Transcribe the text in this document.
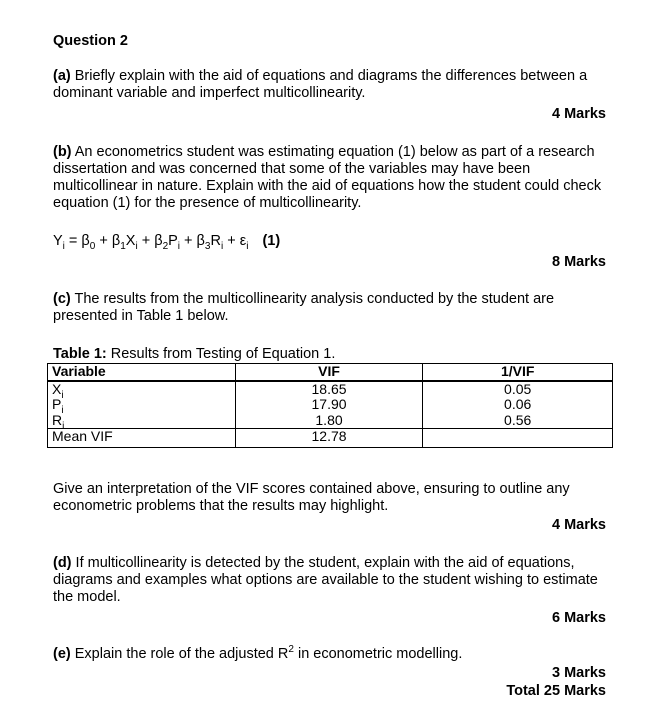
Question 2
(a) Briefly explain with the aid of equations and diagrams the differences between a dominant variable and imperfect multicollinearity.
4 Marks
(b) An econometrics student was estimating equation (1) below as part of a research dissertation and was concerned that some of the variables may have been multicollinear in nature. Explain with the aid of equations how the student could check equation (1) for the presence of multicollinearity.
$Y_i = \beta_0 + \beta_1X_i + \beta_2P_i + \beta_3R_i + \varepsilon_i$ (1)
8 Marks
(c) The results from the multicollinearity analysis conducted by the student are presented in Table 1 below.
Table 1: Results from Testing of Equation 1.
Variable	VIF	1/VIF
$X_i$	18.65	0.05
$P_i$	17.90	0.06
$R_i$	1.80	0.56
Mean VIF	12.78	
Give an interpretation of the VIF scores contained above, ensuring to outline any econometric problems that the results may highlight.
4 Marks
(d) If multicollinearity is detected by the student, explain with the aid of equations, diagrams and examples what options are available to the student wishing to estimate the model.
6 Marks
(e) Explain the role of the adjusted $R^2$ in econometric modelling.
3 Marks
Total 25 Marks
